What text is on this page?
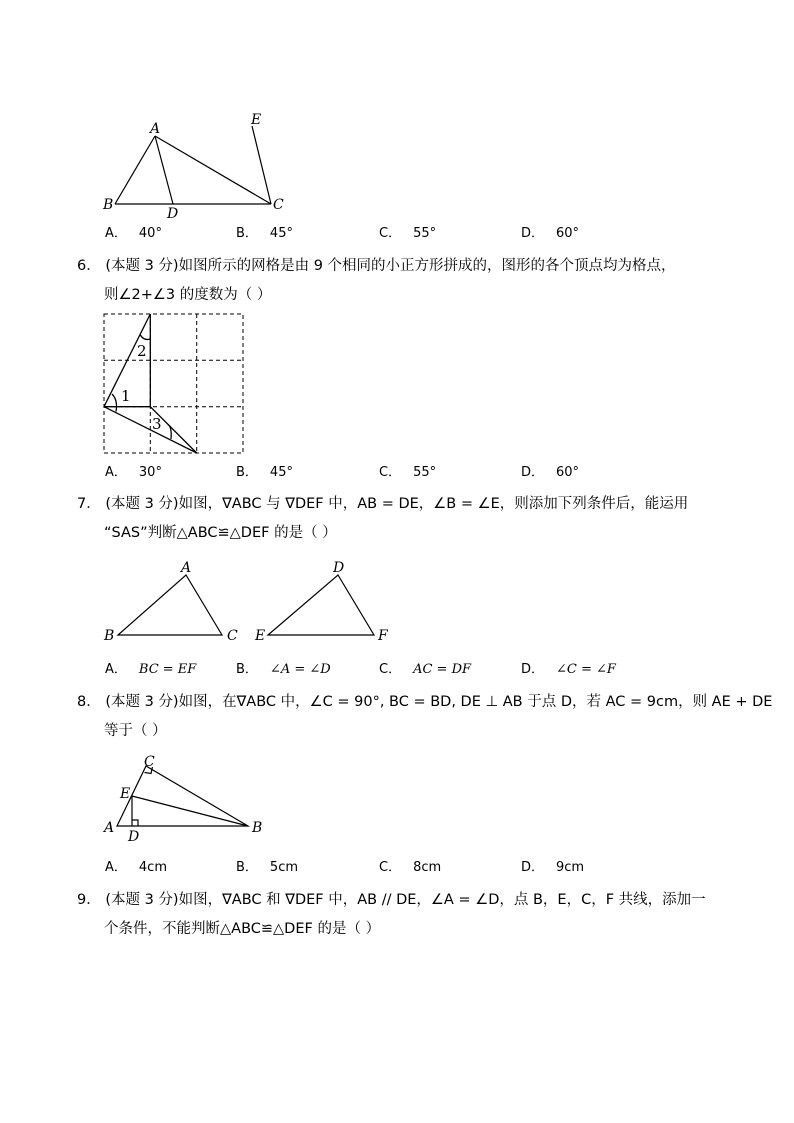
A
B
D
C
E
A． 40°	B． 45°	C． 55°	D． 60°
6． (本题 3 分)如图所示的网格是由 9 个相同的小正方形拼成的，图形的各个顶点均为格点，
则∠2+∠3 的度数为（ ）
2
1
3
A． 30°	B． 45°	C． 55°	D． 60°
7． (本题 3 分)如图，∇ABC 与 ∇DEF 中，AB = DE，∠B = ∠E，则添加下列条件后，能运用
“SAS”判断△ABC≌△DEF 的是（ ）
A
B	C
D
E	F
A． BC = EF	B． ∠A = ∠D	C． AC = DF	D． ∠C = ∠F
8． (本题 3 分)如图，在∇ABC 中，∠C = 90°, BC = BD, DE ⊥ AB 于点 D，若 AC = 9cm，则 AE + DE
等于（ ）
C
E
A
D
B
A． 4cm	B． 5cm	C． 8cm	D． 9cm
9． (本题 3 分)如图，∇ABC 和 ∇DEF 中，AB // DE，∠A = ∠D，点 B，E，C，F 共线，添加一
个条件，不能判断△ABC≌△DEF 的是（ ）
